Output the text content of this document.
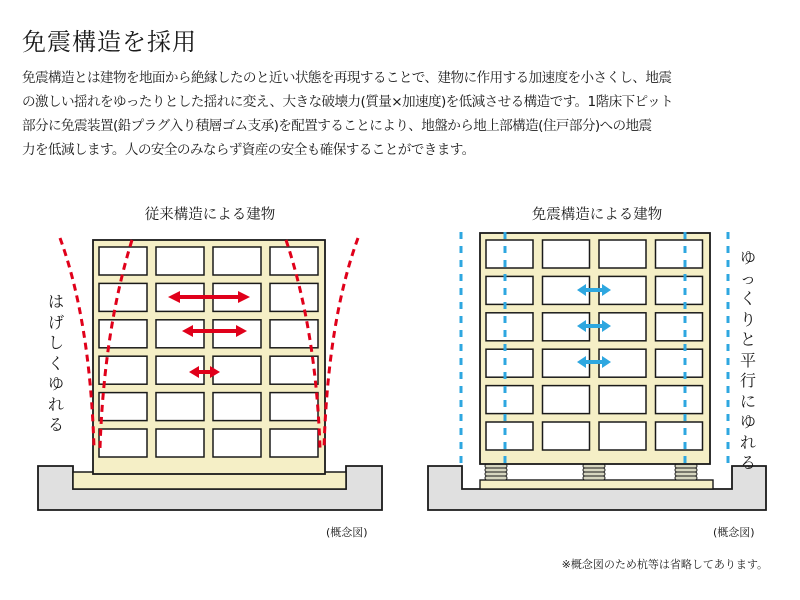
免震構造を採用
免震構造とは建物を地面から絶縁したのと近い状態を再現することで、建物に作用する加速度を小さくし、地震
の激しい揺れをゆったりとした揺れに変え、大きな破壊力(質量×加速度)を低減させる構造です。1階床下ピット
部分に免震装置(鉛プラグ入り積層ゴム支承)を配置することにより、地盤から地上部構造(住戸部分)への地震
力を低減します。人の安全のみならず資産の安全も確保することができます。
従来構造による建物	免震構造による建物
はげしくゆれる
ゆっくりと平行にゆれる
(概念図)	(概念図)
※概念図のため杭等は省略してあります。
